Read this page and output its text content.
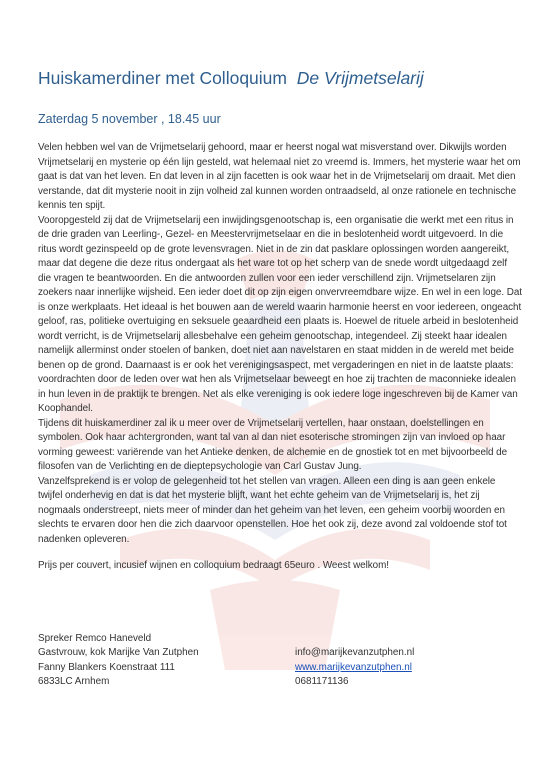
Huiskamerdiner met Colloquium De Vrijmetselarij

Zaterdag 5 november , 18.45 uur

Velen hebben wel van de Vrijmetselarij gehoord, maar er heerst nogal wat misverstand over. Dikwijls worden Vrijmetselarij en mysterie op één lijn gesteld, wat helemaal niet zo vreemd is. Immers, het mysterie waar het om gaat is dat van het leven. En dat leven in al zijn facetten is ook waar het in de Vrijmetselarij om draait. Met dien verstande, dat dit mysterie nooit in zijn volheid zal kunnen worden ontraadseld, al onze rationele en technische kennis ten spijt.

Vooropgesteld zij dat de Vrijmetselarij een inwijdingsgenootschap is, een organisatie die werkt met een ritus in de drie graden van Leerling-, Gezel- en Meestervrijmetselaar en die in beslotenheid wordt uitgevoerd. In die ritus wordt gezinspeeld op de grote levensvragen. Niet in de zin dat pasklare oplossingen worden aangereikt, maar dat degene die deze ritus ondergaat als het ware tot op het scherp van de snede wordt uitgedaagd zelf die vragen te beantwoorden. En die antwoorden zullen voor een ieder verschillend zijn. Vrijmetselaren zijn zoekers naar innerlijke wijsheid. Een ieder doet dit op zijn eigen onvervreemdbare wijze. En wel in een loge. Dat is onze werkplaats. Het ideaal is het bouwen aan de wereld waarin harmonie heerst en voor iedereen, ongeacht geloof, ras, politieke overtuiging en seksuele geaardheid een plaats is. Hoewel de rituele arbeid in beslotenheid wordt verricht, is de Vrijmetselarij allesbehalve een geheim genootschap, integendeel. Zij steekt haar idealen namelijk allerminst onder stoelen of banken, doet niet aan navelstaren en staat midden in de wereld met beide benen op de grond. Daarnaast is er ook het verenigingsaspect, met vergaderingen en niet in de laatste plaats: voordrachten door de leden over wat hen als Vrijmetselaar beweegt en hoe zij trachten de maconnieke idealen in hun leven in de praktijk te brengen. Net als elke vereniging is ook iedere loge ingeschreven bij de Kamer van Koophandel.

Tijdens dit huiskamerdiner zal ik u meer over de Vrijmetselarij vertellen, haar onstaan, doelstellingen en symbolen. Ook haar achtergronden, want tal van al dan niet esoterische stromingen zijn van invloed op haar vorming geweest: variërende van het Antieke denken, de alchemie en de gnostiek tot en met bijvoorbeeld de filosofen van de Verlichting en de dieptepsychologie van Carl Gustav Jung.

Vanzelfsprekend is er volop de gelegenheid tot het stellen van vragen. Alleen een ding is aan geen enkele twijfel onderhevig en dat is dat het mysterie blijft, want het echte geheim van de Vrijmetselarij is, het zij nogmaals onderstreept, niets meer of minder dan het geheim van het leven, een geheim voorbij woorden en slechts te ervaren door hen die zich daarvoor openstellen. Hoe het ook zij, deze avond zal voldoende stof tot nadenken opleveren.

Prijs per couvert, incusief wijnen en colloquium bedraagt 65euro . Weest welkom!

Spreker Remco Haneveld
Gastvrouw, kok Marijke Van Zutphen	info@marijkevanzutphen.nl
Fanny Blankers Koenstraat 111	www.marijkevanzutphen.nl
6833LC Arnhem	0681171136
